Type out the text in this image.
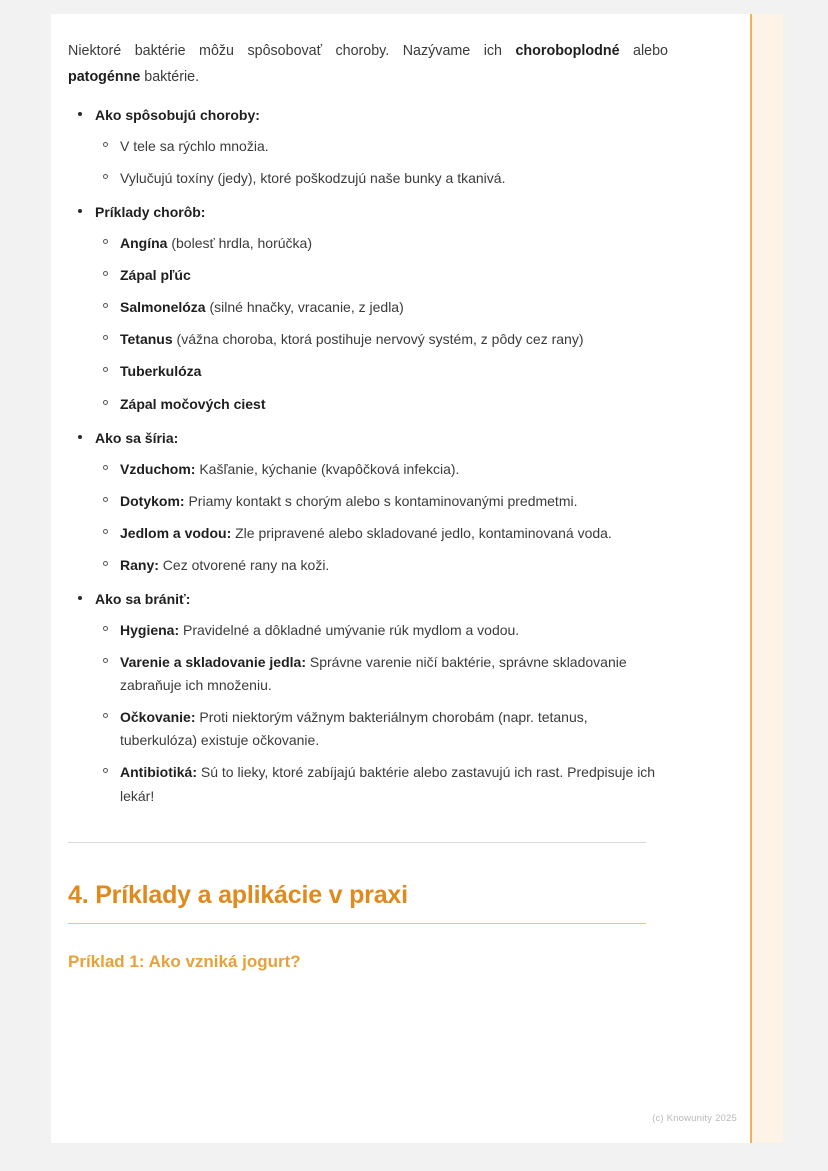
Niektoré baktérie môžu spôsobovať choroby. Nazývame ich choroboplodné alebo patogénne baktérie.

Ako spôsobujú choroby:
V tele sa rýchlo množia.
Vylučujú toxíny (jedy), ktoré poškodzujú naše bunky a tkanivá.
Príklady chorôb:
Angína (bolesť hrdla, horúčka)
Zápal pľúc
Salmonelóza (silné hnačky, vracanie, z jedla)
Tetanus (vážna choroba, ktorá postihuje nervový systém, z pôdy cez rany)
Tuberkulóza
Zápal močových ciest
Ako sa šíria:
Vzduchom: Kašľanie, kýchanie (kvapôčková infekcia).
Dotykom: Priamy kontakt s chorým alebo s kontaminovanými predmetmi.
Jedlom a vodou: Zle pripravené alebo skladované jedlo, kontaminovaná voda.
Rany: Cez otvorené rany na koži.
Ako sa brániť:
Hygiena: Pravidelné a dôkladné umývanie rúk mydlom a vodou.
Varenie a skladovanie jedla: Správne varenie ničí baktérie, správne skladovanie zabraňuje ich množeniu.
Očkovanie: Proti niektorým vážnym bakteriálnym chorobám (napr. tetanus, tuberkulóza) existuje očkovanie.
Antibiotiká: Sú to lieky, ktoré zabíjajú baktérie alebo zastavujú ich rast. Predpisuje ich lekár!
4. Príklady a aplikácie v praxi
Príklad 1: Ako vzniká jogurt?
(c) Knowunity 2025
